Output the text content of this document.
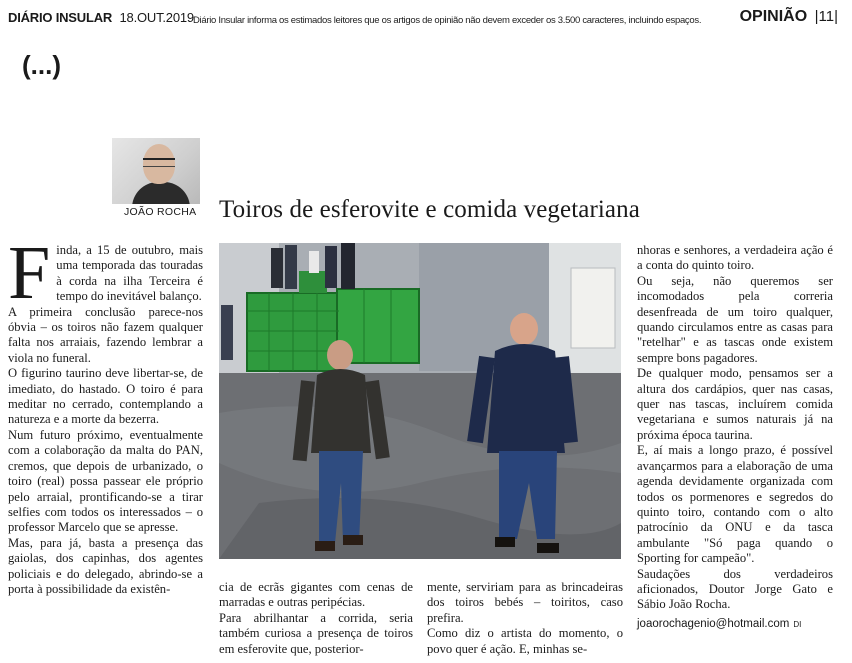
DIÁRIO INSULAR 18.OUT.2019 Diário Insular informa os estimados leitores que os artigos de opinião não devem exceder os 3.500 caracteres, incluindo espaços. OPINIÃO |11|
(...)
JOÃO ROCHA Toiros de esferovite e comida vegetariana

Finda, a 15 de outubro, mais uma temporada das touradas à corda na ilha Terceira é tempo do inevitável balanço.

A primeira conclusão parece-nos óbvia – os toiros não fazem qualquer falta nos arraiais, fazendo lembrar a viola no funeral.

O figurino taurino deve libertar-se, de imediato, do hastado. O toiro é para meditar no cerrado, contemplando a natureza e a morte da bezerra.

Num futuro próximo, eventualmente com a colaboração da malta do PAN, cremos, que depois de urbanizado, o toiro (real) possa passear ele próprio pelo arraial, prontificando-se a tirar selfies com todos os interessados – o professor Marcelo que se apresse.

Mas, para já, basta a presença das gaiolas, dos capinhas, dos agentes policiais e do delegado, abrindo-se a porta à possibilidade da existên-	cia de ecrãs gigantes com cenas de marradas e outras peripécias.

Para abrilhantar a corrida, seria também curiosa a presença de toiros em esferovite que, posterior-

mente, serviriam para as brincadeiras dos toiros bebés – toiritos, caso prefira.

Como diz o artista do momento, o povo quer é ação. E, minhas se-

nhoras e senhores, a verdadeira ação é a conta do quinto toiro.

Ou seja, não queremos ser incomodados pela correria desenfreada de um toiro qualquer, quando circulamos entre as casas para "retelhar" e as tascas onde existem sempre bons pagadores.

De qualquer modo, pensamos ser a altura dos cardápios, quer nas casas, quer nas tascas, incluírem comida vegetariana e sumos naturais já na próxima época taurina.

E, aí mais a longo prazo, é possível avançarmos para a elaboração de uma agenda devidamente organizada com todos os pormenores e segredos do quinto toiro, contando com o alto patrocínio da ONU e da tasca ambulante "Só paga quando o Sporting for campeão".

Saudações dos verdadeiros aficionados, Doutor Jorge Gato e Sábio João Rocha.

joaorochagenio@hotmail.com DI
